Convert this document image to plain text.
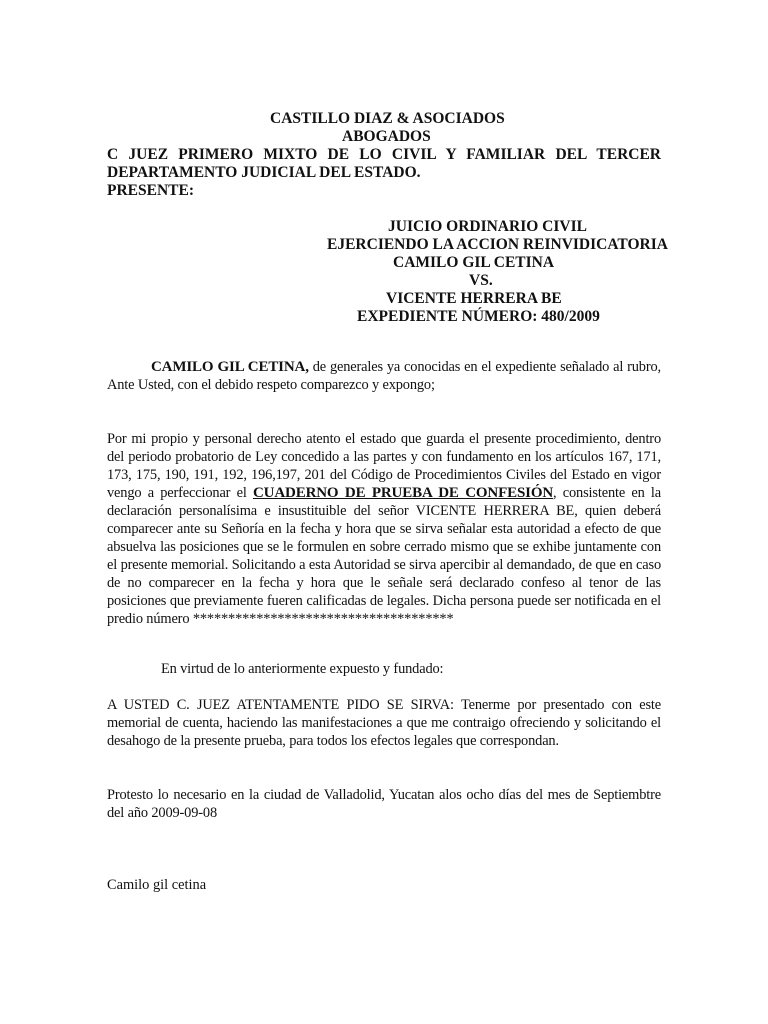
CASTILLO DIAZ & ASOCIADOS

ABOGADOS

C JUEZ PRIMERO MIXTO DE LO CIVIL Y FAMILIAR DEL TERCER

DEPARTAMENTO JUDICIAL DEL ESTADO.

PRESENTE:

JUICIO ORDINARIO CIVIL

EJERCIENDO LA ACCION REINVIDICATORIA

CAMILO GIL CETINA

VS.

VICENTE HERRERA BE

EXPEDIENTE NÚMERO: 480/2009

CAMILO GIL CETINA, de generales ya conocidas en el expediente señalado al rubro, Ante Usted, con el debido respeto comparezco y expongo;

Por mi propio y personal derecho atento el estado que guarda el presente procedimiento, dentro del periodo probatorio de Ley concedido a las partes y con fundamento en los artículos 167, 171, 173, 175, 190, 191, 192, 196,197, 201 del Código de Procedimientos Civiles del Estado en vigor vengo a perfeccionar el CUADERNO DE PRUEBA DE CONFESIÓN, consistente en la declaración personalísima e insustituible del señor VICENTE HERRERA BE, quien deberá comparecer ante su Señoría en la fecha y hora que se sirva señalar esta autoridad a efecto de que absuelva las posiciones que se le formulen en sobre cerrado mismo que se exhibe juntamente con el presente memorial. Solicitando a esta Autoridad se sirva apercibir al demandado, de que en caso de no comparecer en la fecha y hora que le señale será declarado confeso al tenor de las posiciones que previamente fueren calificadas de legales. Dicha persona puede ser notificada en el predio número *************************************

En virtud de lo anteriormente expuesto y fundado:

A USTED C. JUEZ ATENTAMENTE PIDO SE SIRVA: Tenerme por presentado con este memorial de cuenta, haciendo las manifestaciones a que me contraigo ofreciendo y solicitando el desahogo de la presente prueba, para todos los efectos legales que correspondan.

Protesto lo necesario en la ciudad de Valladolid, Yucatan alos ocho días del mes de Septiembtre del año 2009-09-08

Camilo gil cetina
